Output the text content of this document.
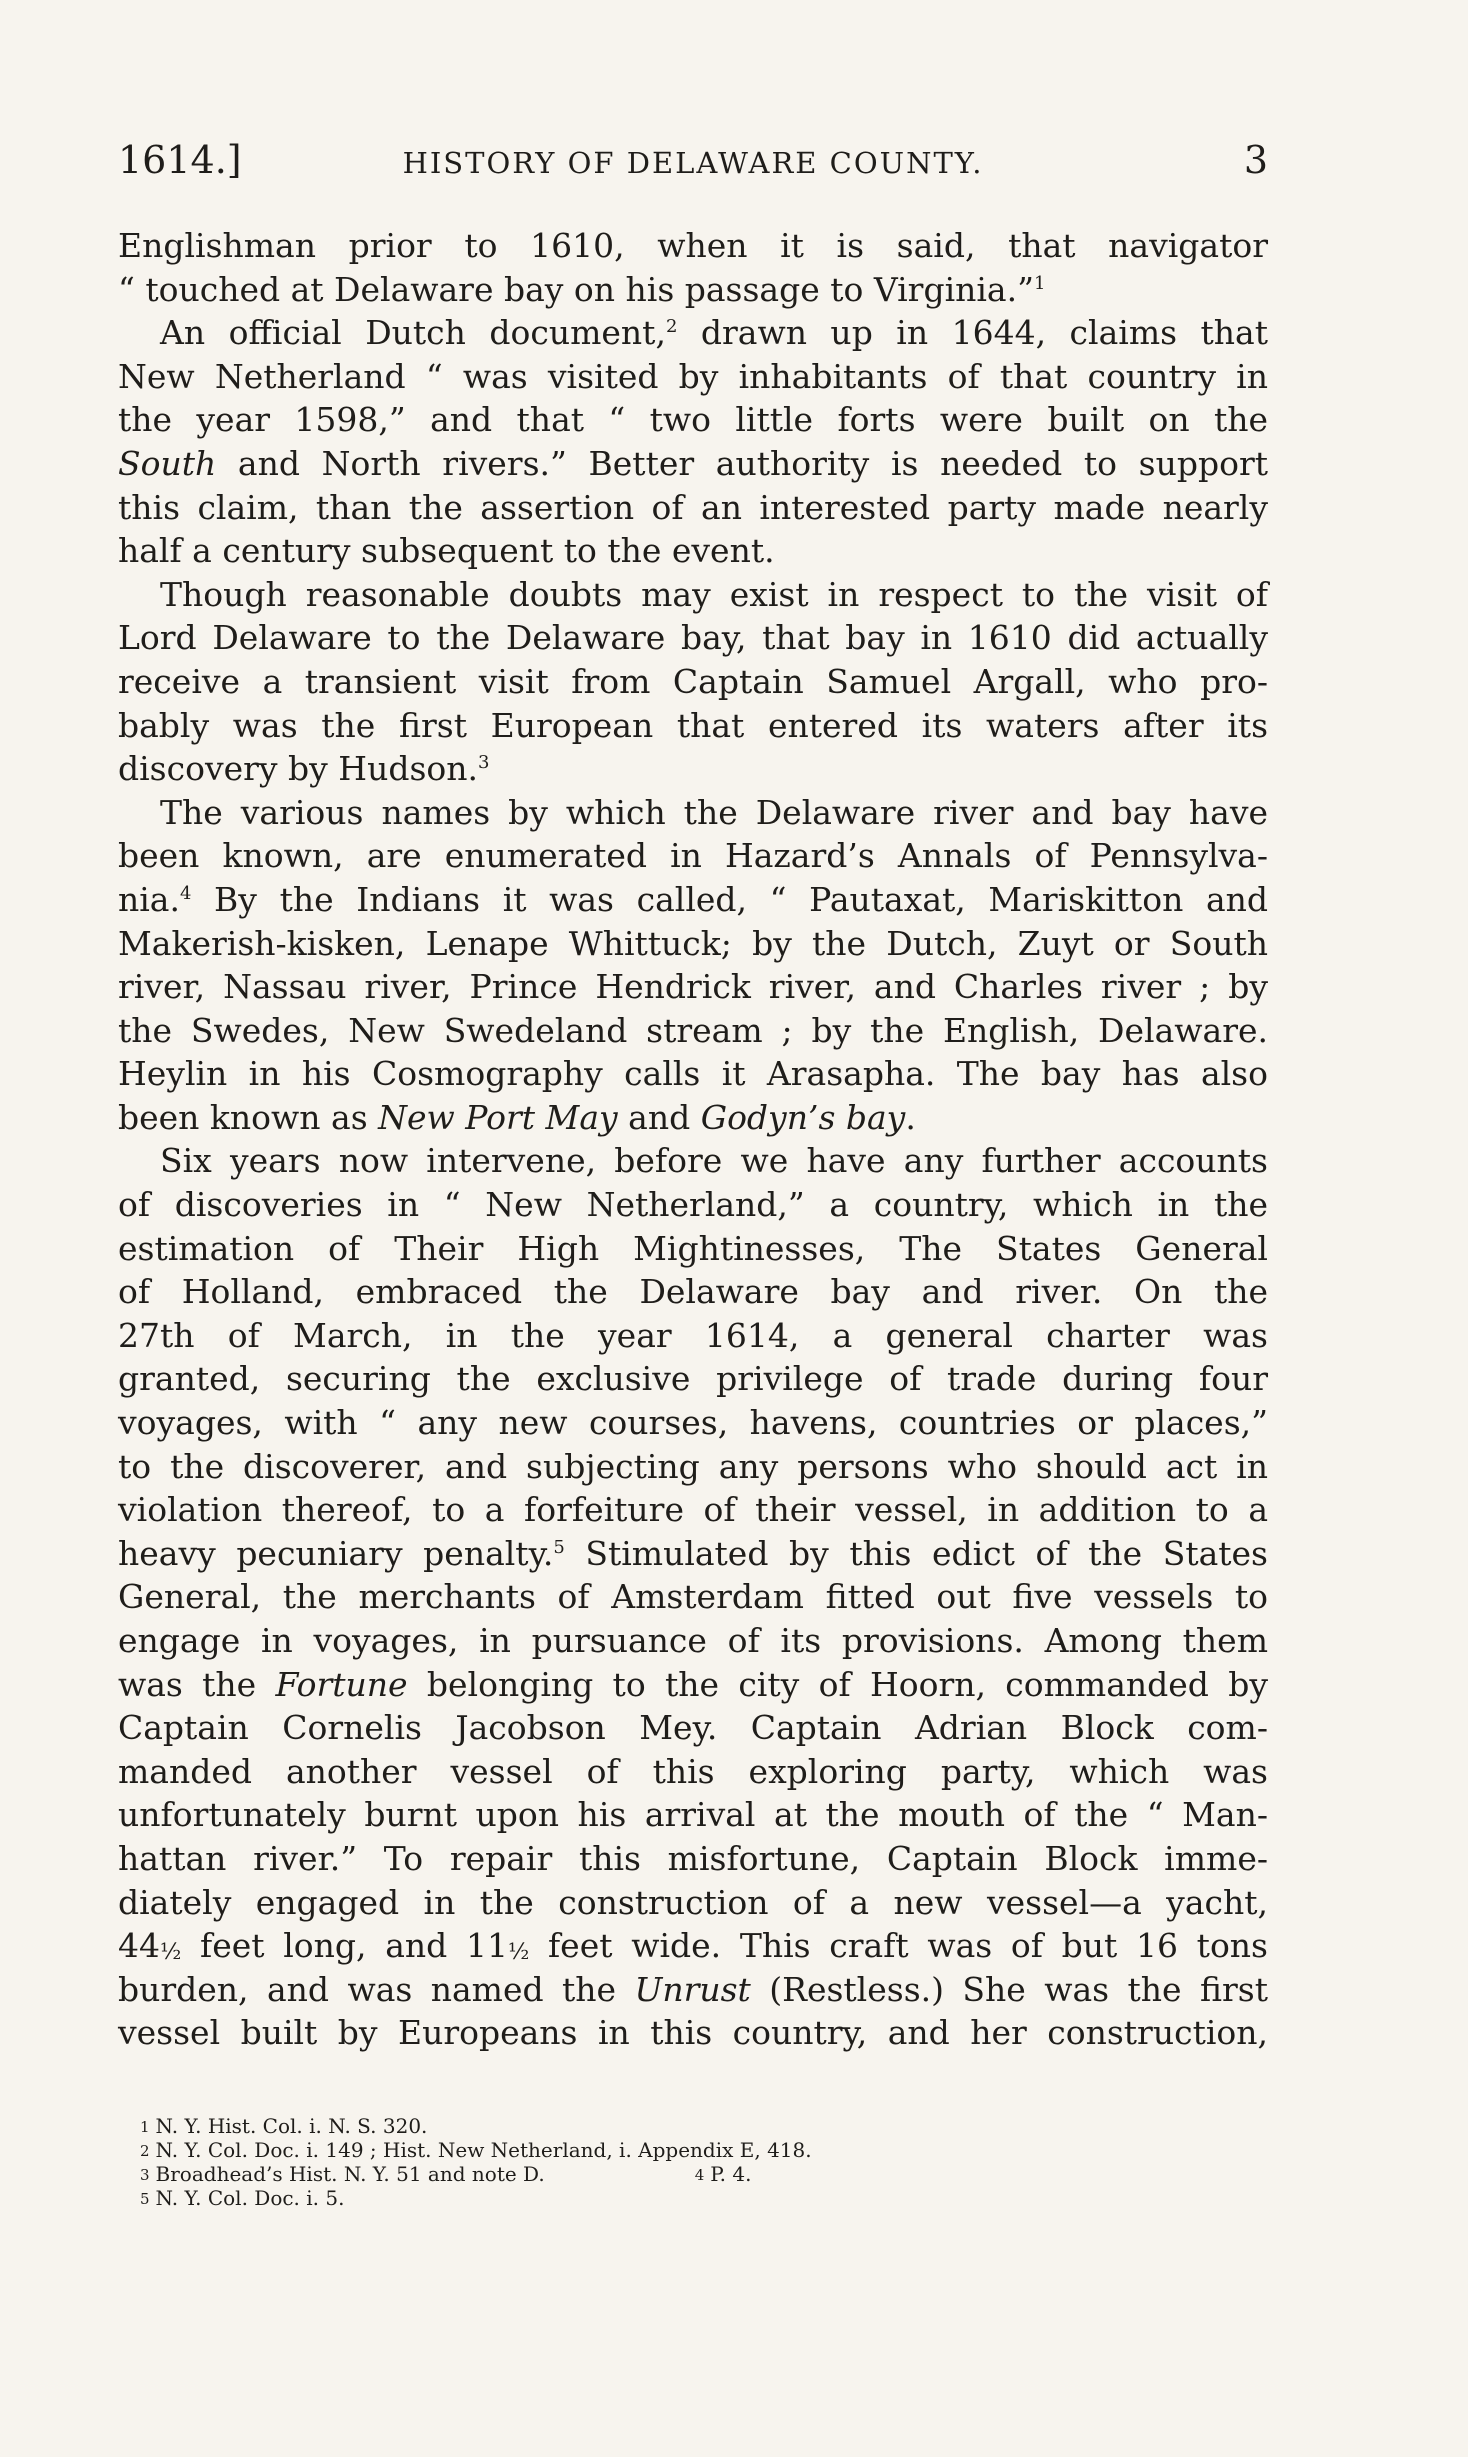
1614.]	HISTORY OF DELAWARE COUNTY.	3
Englishman prior to 1610, when it is said, that navigator
“ touched at Delaware bay on his passage to Virginia.”$^1$
An official Dutch document,$^2$ drawn up in 1644, claims that
New Netherland “ was visited by inhabitants of that country in
the year 1598,” and that “ two little forts were built on the
South and North rivers.” Better authority is needed to support
this claim, than the assertion of an interested party made nearly
half a century subsequent to the event.
Though reasonable doubts may exist in respect to the visit of
Lord Delaware to the Delaware bay, that bay in 1610 did actually
receive a transient visit from Captain Samuel Argall, who pro-
bably was the first European that entered its waters after its
discovery by Hudson.$^3$
The various names by which the Delaware river and bay have
been known, are enumerated in Hazard’s Annals of Pennsylva-
nia.$^4$ By the Indians it was called, “ Pautaxat, Mariskitton and
Makerish-kisken, Lenape Whittuck; by the Dutch, Zuyt or South
river, Nassau river, Prince Hendrick river, and Charles river ; by
the Swedes, New Swedeland stream ; by the English, Delaware.
Heylin in his Cosmography calls it Arasapha. The bay has also
been known as New Port May and Godyn’s bay.
Six years now intervene, before we have any further accounts
of discoveries in “ New Netherland,” a country, which in the
estimation of Their High Mightinesses, The States General
of Holland, embraced the Delaware bay and river. On the
27th of March, in the year 1614, a general charter was
granted, securing the exclusive privilege of trade during four
voyages, with “ any new courses, havens, countries or places,”
to the discoverer, and subjecting any persons who should act in
violation thereof, to a forfeiture of their vessel, in addition to a
heavy pecuniary penalty.$^5$ Stimulated by this edict of the States
General, the merchants of Amsterdam fitted out five vessels to
engage in voyages, in pursuance of its provisions. Among them
was the Fortune belonging to the city of Hoorn, commanded by
Captain Cornelis Jacobson Mey. Captain Adrian Block com-
manded another vessel of this exploring party, which was
unfortunately burnt upon his arrival at the mouth of the “ Man-
hattan river.” To repair this misfortune, Captain Block imme-
diately engaged in the construction of a new vessel—a yacht,
44½ feet long, and 11½ feet wide. This craft was of but 16 tons
burden, and was named the Unrust (Restless.) She was the first
vessel built by Europeans in this country, and her construction,
1 N. Y. Hist. Col. i. N. S. 320.
2 N. Y. Col. Doc. i. 149 ; Hist. New Netherland, i. Appendix E, 418.
3 Broadhead’s Hist. N. Y. 51 and note D.	4 P. 4.
5 N. Y. Col. Doc. i. 5.
